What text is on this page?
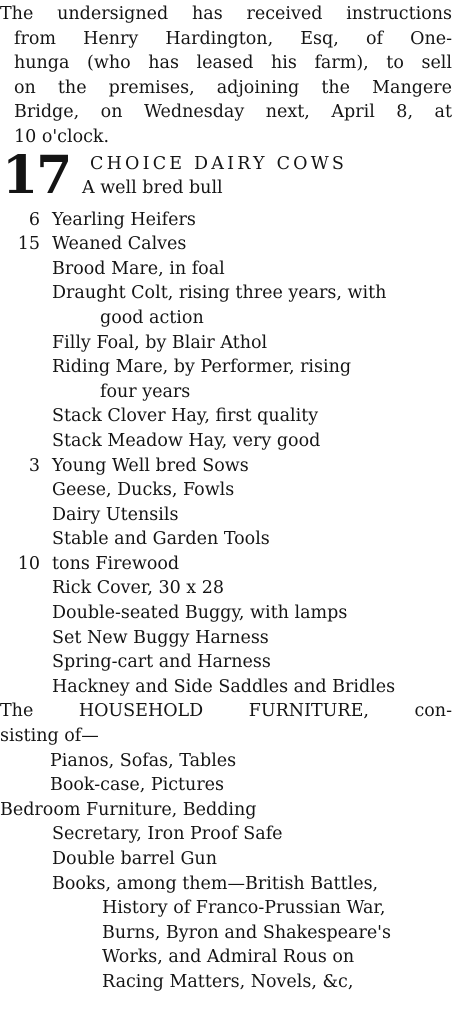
The undersigned has received instructions
from Henry Hardington, Esq, of One-
hunga (who has leased his farm), to sell
on the premises, adjoining the Mangere
Bridge, on Wednesday next, April 8, at
10 o'clock.
17 CHOICE DAIRY COWS
A well bred bull
6 Yearling Heifers
15 Weaned Calves
Brood Mare, in foal
Draught Colt, rising three years, with
good action
Filly Foal, by Blair Athol
Riding Mare, by Performer, rising
four years
Stack Clover Hay, first quality
Stack Meadow Hay, very good
3 Young Well bred Sows
Geese, Ducks, Fowls
Dairy Utensils
Stable and Garden Tools
10 tons Firewood
Rick Cover, 30 x 28
Double-seated Buggy, with lamps
Set New Buggy Harness
Spring-cart and Harness
Hackney and Side Saddles and Bridles
The HOUSEHOLD FURNITURE, con-
sisting of—
Pianos, Sofas, Tables
Book-case, Pictures
Bedroom Furniture, Bedding
Secretary, Iron Proof Safe
Double barrel Gun
Books, among them—British Battles,
History of Franco-Prussian War,
Burns, Byron and Shakespeare's
Works, and Admiral Rous on
Racing Matters, Novels, &c,
